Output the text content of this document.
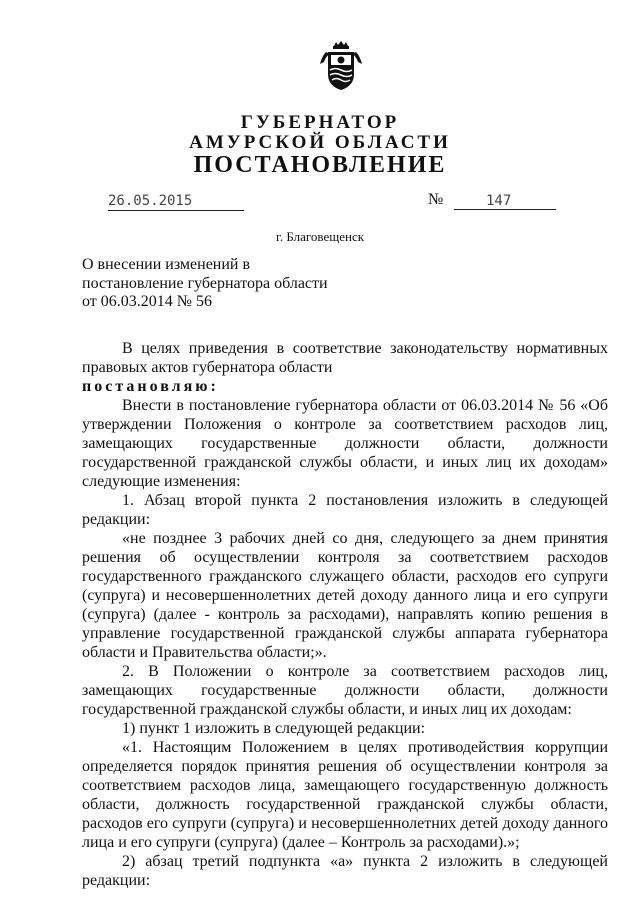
ГУБЕРНАТОР
АМУРСКОЙ ОБЛАСТИ
ПОСТАНОВЛЕНИЕ
26.05.2015	№	147
г. Благовещенск
О внесении изменений в
постановление губернатора области
от 06.03.2014 № 56

В целях приведения в соответствие законодательству нормативных правовых актов губернатора области

постановляю:

Внести в постановление губернатора области от 06.03.2014 № 56 «Об утверждении Положения о контроле за соответствием расходов лиц, замещающих государственные должности области, должности государственной гражданской службы области, и иных лиц их доходам» следующие изменения:

1. Абзац второй пункта 2 постановления изложить в следующей редакции:

«не позднее 3 рабочих дней со дня, следующего за днем принятия решения об осуществлении контроля за соответствием расходов государственного гражданского служащего области, расходов его супруги (супруга) и несовершеннолетних детей доходу данного лица и его супруги (супруга) (далее - контроль за расходами), направлять копию решения в управление государственной гражданской службы аппарата губернатора области и Правительства области;».

2. В Положении о контроле за соответствием расходов лиц, замещающих государственные должности области, должности государственной гражданской службы области, и иных лиц их доходам:

1) пункт 1 изложить в следующей редакции:

«1. Настоящим Положением в целях противодействия коррупции определяется порядок принятия решения об осуществлении контроля за соответствием расходов лица, замещающего государственную должность области, должность государственной гражданской службы области, расходов его супруги (супруга) и несовершеннолетних детей доходу данного лица и его супруги (супруга) (далее – Контроль за расходами).»;

2) абзац третий подпункта «а» пункта 2 изложить в следующей редакции:
